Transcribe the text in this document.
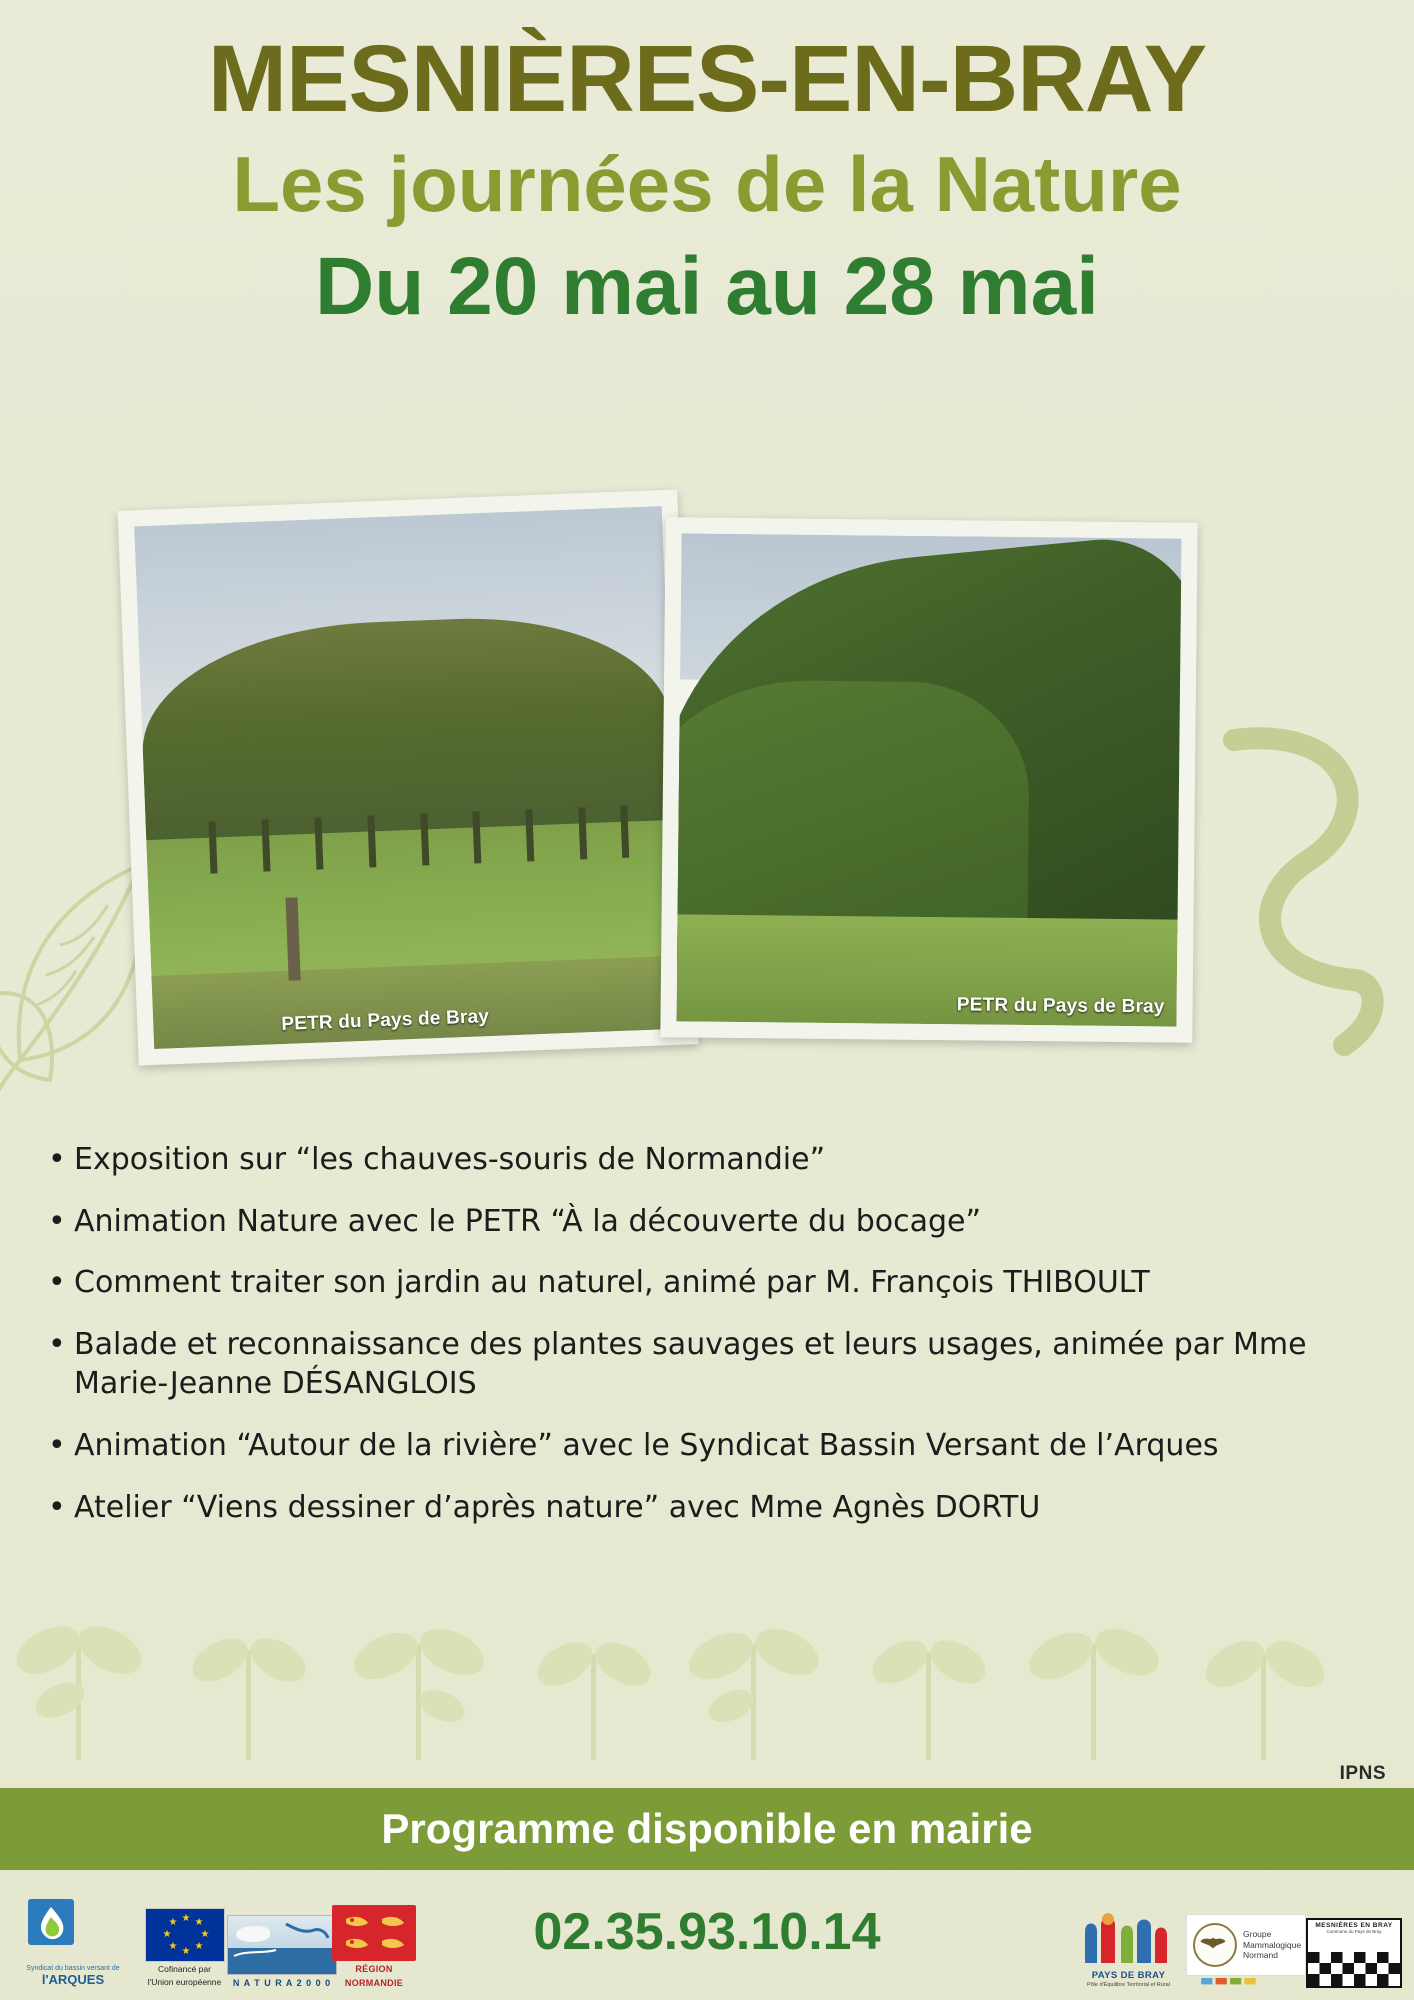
MESNIÈRES-EN-BRAY
Les journées de la Nature
Du 20 mai au 28 mai
PETR du Pays de Bray
PETR du Pays de Bray
• Exposition sur “les chauves-souris de Normandie”
• Animation Nature avec le PETR “À la découverte du bocage”
• Comment traiter son jardin au naturel, animé par M. François THIBOULT
• Balade et reconnaissance des plantes sauvages et leurs usages, animée par Mme Marie-Jeanne DÉSANGLOIS
• Animation “Autour de la rivière” avec le Syndicat Bassin Versant de l’Arques
• Atelier “Viens dessiner d’après nature” avec Mme Agnès DORTU
IPNS
Programme disponible en mairie
02.35.93.10.14
Syndicat du bassin versant de
l'ARQUES
★ ★
★
★
★
★
★
★
Cofinancé par
l'Union européenne	N A T U R A 2 0 0 0
RÉGION
NORMANDIE
PAYS DE BRAY
Pôle d'Équilibre Territorial et Rural
Groupe
Mammalogique
Normand
MESNIÈRES EN BRAY
Commune du Pays de Bray
